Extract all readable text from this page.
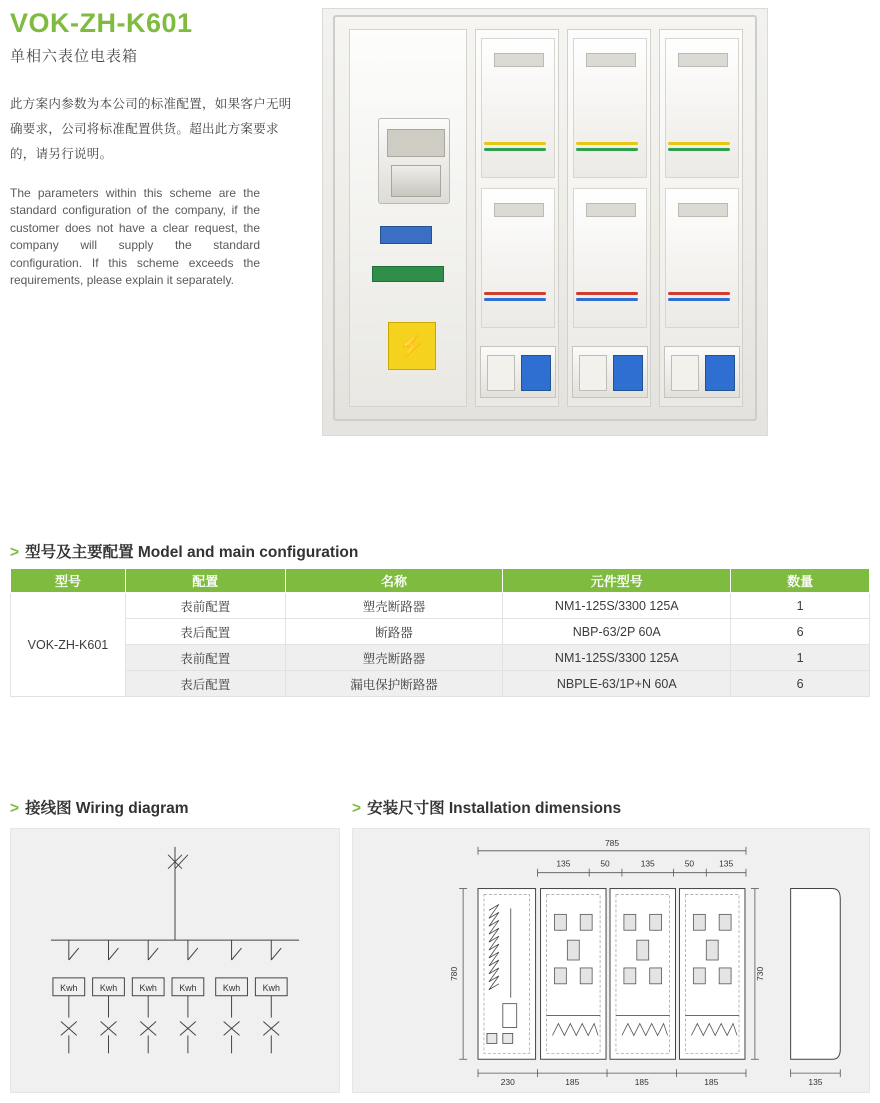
VOK-ZH-K601
单相六表位电表箱
此方案内参数为本公司的标准配置，如果客户无明确要求，公司将标准配置供货。超出此方案要求的，请另行说明。
The parameters within this scheme are the standard configuration of the company, if the customer does not have a clear request, the company will supply the standard configuration. If this scheme exceeds the requirements, please explain it separately.
⚡
> 型号及主要配置 Model and main configuration
型号	配置	名称	元件型号	数量
VOK-ZH-K601	表前配置	塑壳断路器	NM1-125S/3300 125A	1
	表后配置	断路器	NBP-63/2P 60A	6
	表前配置	塑壳断路器	NM1-125S/3300 125A	1
	表后配置	漏电保护断路器	NBPLE-63/1P+N 60A	6
> 接线图 Wiring diagram
Kwh Kwh Kwh Kwh	Kwh Kwh
> 安装尺寸图 Installation dimensions
785
135	50	135	50	135
230	185	185	185	135
780	730
